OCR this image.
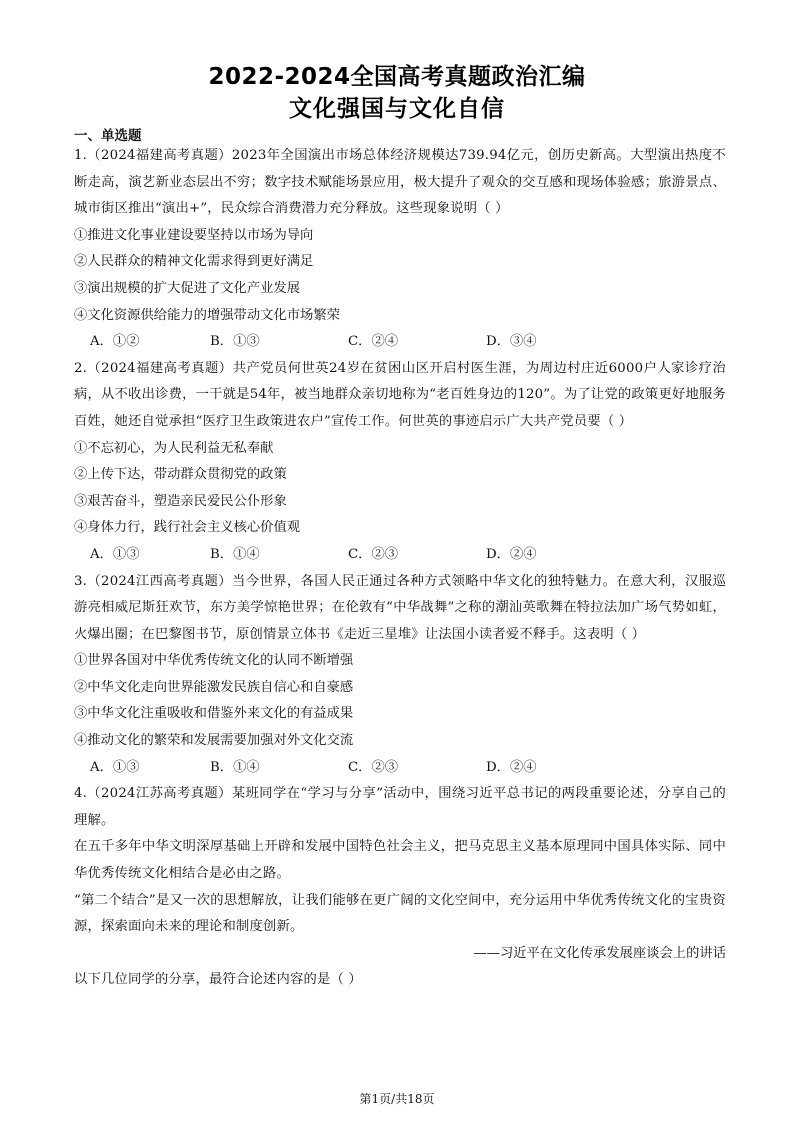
2022-2024全国高考真题政治汇编
文化强国与文化自信
一、单选题

1.（2024福建高考真题）2023年全国演出市场总体经济规模达739.94亿元，创历史新高。大型演出热度不断走高，演艺新业态层出不穷；数字技术赋能场景应用，极大提升了观众的交互感和现场体验感；旅游景点、城市街区推出“演出+”，民众综合消费潜力充分释放。这些现象说明（ ）

①推进文化事业建设要坚持以市场为导向

②人民群众的精神文化需求得到更好满足

③演出规模的扩大促进了文化产业发展

④文化资源供给能力的增强带动文化市场繁荣

A．①②	B．①③	C．②④	D．③④

2.（2024福建高考真题）共产党员何世英24岁在贫困山区开启村医生涯，为周边村庄近6000户人家诊疗治病，从不收出诊费，一干就是54年，被当地群众亲切地称为“老百姓身边的120”。为了让党的政策更好地服务百姓，她还自觉承担“医疗卫生政策进农户”宣传工作。何世英的事迹启示广大共产党员要（ ）

①不忘初心，为人民利益无私奉献

②上传下达，带动群众贯彻党的政策

③艰苦奋斗，塑造亲民爱民公仆形象

④身体力行，践行社会主义核心价值观

A．①③	B．①④	C．②③	D．②④

3.（2024江西高考真题）当今世界，各国人民正通过各种方式领略中华文化的独特魅力。在意大利，汉服巡游亮相威尼斯狂欢节，东方美学惊艳世界；在伦敦有“中华战舞”之称的潮汕英歌舞在特拉法加广场气势如虹，火爆出圈；在巴黎图书节，原创情景立体书《走近三星堆》让法国小读者爱不释手。这表明（ ）

①世界各国对中华优秀传统文化的认同不断增强

②中华文化走向世界能激发民族自信心和自豪感

③中华文化注重吸收和借鉴外来文化的有益成果

④推动文化的繁荣和发展需要加强对外文化交流

A．①③	B．①④	C．②③	D．②④

4.（2024江苏高考真题）某班同学在“学习与分享”活动中，围绕习近平总书记的两段重要论述，分享自己的理解。

在五千多年中华文明深厚基础上开辟和发展中国特色社会主义，把马克思主义基本原理同中国具体实际、同中华优秀传统文化相结合是必由之路。

“第二个结合”是又一次的思想解放，让我们能够在更广阔的文化空间中，充分运用中华优秀传统文化的宝贵资源，探索面向未来的理论和制度创新。

——习近平在文化传承发展座谈会上的讲话

以下几位同学的分享，最符合论述内容的是（ ）

第1页/共18页
